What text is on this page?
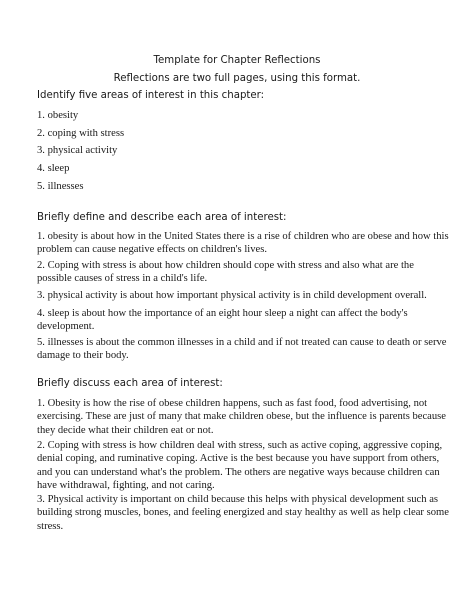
Template for Chapter Reflections
Reflections are two full pages, using this format.
Identify five areas of interest in this chapter:
1. obesity
2. coping with stress
3. physical activity
4. sleep
5. illnesses
Briefly define and describe each area of interest:
1. obesity is about how in the United States there is a rise of children who are obese and how this problem can cause negative effects on children's lives.
2. Coping with stress is about how children should cope with stress and also what are the possible causes of stress in a child's life.
3. physical activity is about how important physical activity is in child development overall.
4. sleep is about how the importance of an eight hour sleep a night can affect the body's development.
5. illnesses is about the common illnesses in a child and if not treated can cause to death or serve damage to their body.
Briefly discuss each area of interest:
1. Obesity is how the rise of obese children happens, such as fast food, food advertising, not exercising. These are just of many that make children obese, but the influence is parents because they decide what their children eat or not.
2. Coping with stress is how children deal with stress, such as active coping, aggressive coping, denial coping, and ruminative coping. Active is the best because you have support from others, and you can understand what's the problem. The others are negative ways because children can have withdrawal, fighting, and not caring.
3. Physical activity is important on child because this helps with physical development such as building strong muscles, bones, and feeling energized and stay healthy as well as help clear some stress.
